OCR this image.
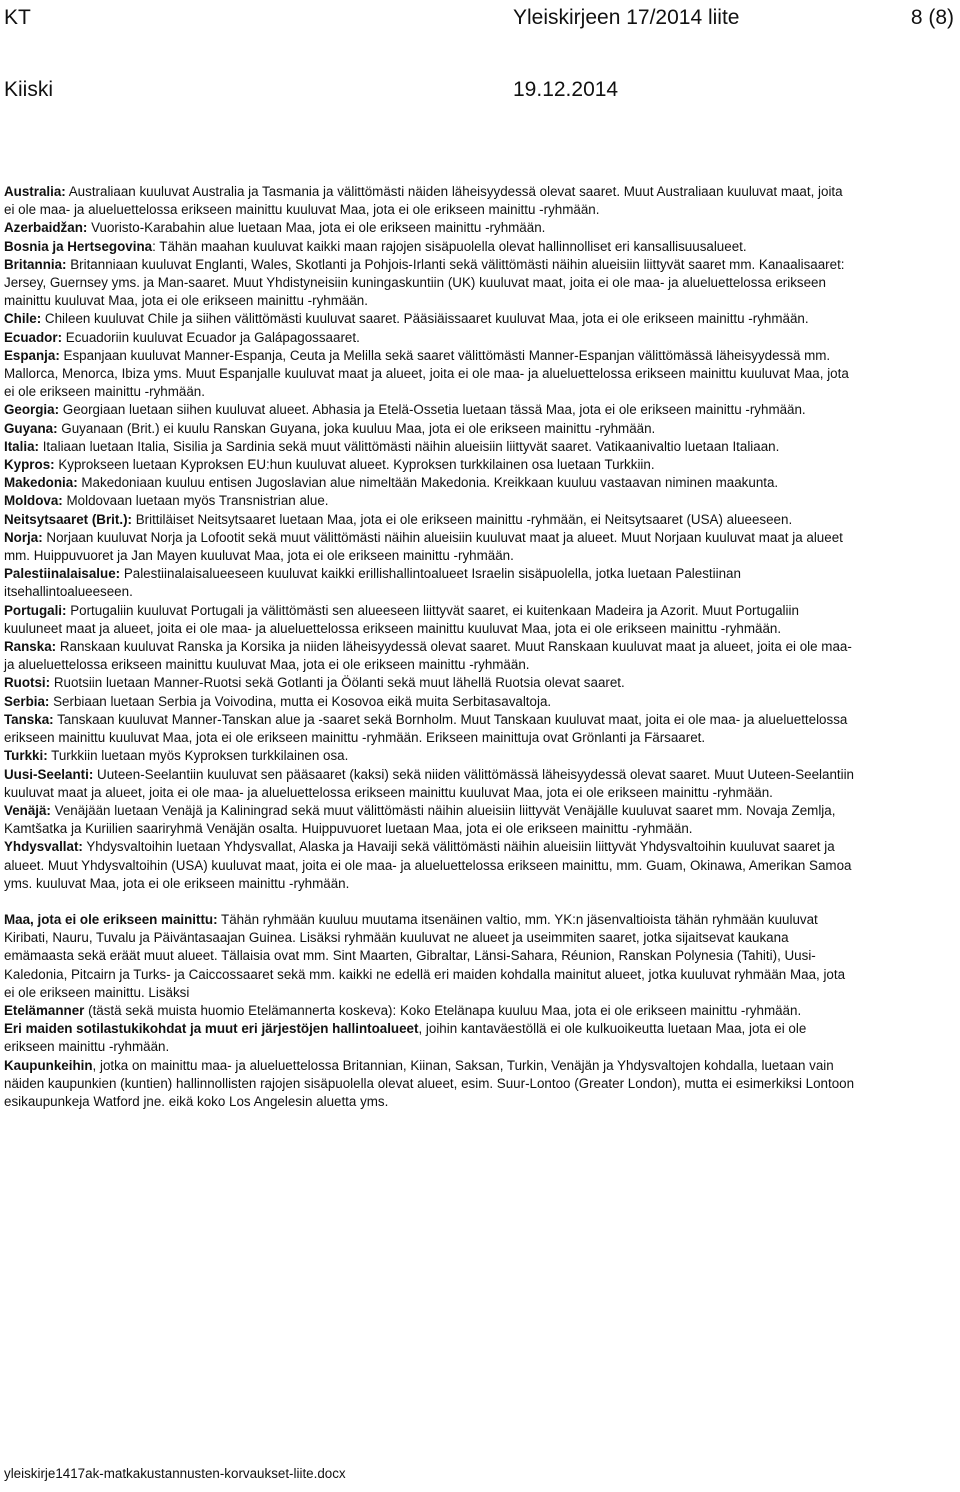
KT	Yleiskirjeen 17/2014 liite	8 (8)
Kiiski	19.12.2014

Australia: Australiaan kuuluvat Australia ja Tasmania ja välittömästi näiden läheisyydessä olevat saaret. Muut Australiaan kuuluvat maat, joita ei ole maa- ja alueluettelossa erikseen mainittu kuuluvat Maa, jota ei ole erikseen mainittu -ryhmään.

Azerbaidžan: Vuoristo-Karabahin alue luetaan Maa, jota ei ole erikseen mainittu -ryhmään.

Bosnia ja Hertsegovina: Tähän maahan kuuluvat kaikki maan rajojen sisäpuolella olevat hallinnolliset eri kansallisuusalueet.

Britannia: Britanniaan kuuluvat Englanti, Wales, Skotlanti ja Pohjois-Irlanti sekä välittömästi näihin alueisiin liittyvät saaret mm. Kanaalisaaret: Jersey, Guernsey yms. ja Man-saaret. Muut Yhdistyneisiin kuningaskuntiin (UK) kuuluvat maat, joita ei ole maa- ja alueluettelossa erikseen mainittu kuuluvat Maa, jota ei ole erikseen mainittu -ryhmään.

Chile: Chileen kuuluvat Chile ja siihen välittömästi kuuluvat saaret. Pääsiäissaaret kuuluvat Maa, jota ei ole erikseen mainittu -ryhmään.

Ecuador: Ecuadoriin kuuluvat Ecuador ja Galápagossaaret.

Espanja: Espanjaan kuuluvat Manner-Espanja, Ceuta ja Melilla sekä saaret välittömästi Manner-Espanjan välittömässä läheisyydessä mm. Mallorca, Menorca, Ibiza yms. Muut Espanjalle kuuluvat maat ja alueet, joita ei ole maa- ja alueluettelossa erikseen mainittu kuuluvat Maa, jota ei ole erikseen mainittu -ryhmään.

Georgia: Georgiaan luetaan siihen kuuluvat alueet. Abhasia ja Etelä-Ossetia luetaan tässä Maa, jota ei ole erikseen mainittu -ryhmään.

Guyana: Guyanaan (Brit.) ei kuulu Ranskan Guyana, joka kuuluu Maa, jota ei ole erikseen mainittu -ryhmään.

Italia: Italiaan luetaan Italia, Sisilia ja Sardinia sekä muut välittömästi näihin alueisiin liittyvät saaret. Vatikaanivaltio luetaan Italiaan.

Kypros: Kyprokseen luetaan Kyproksen EU:hun kuuluvat alueet. Kyproksen turkkilainen osa luetaan Turkkiin.

Makedonia: Makedoniaan kuuluu entisen Jugoslavian alue nimeltään Makedonia. Kreikkaan kuuluu vastaavan niminen maakunta.

Moldova: Moldovaan luetaan myös Transnistrian alue.

Neitsytsaaret (Brit.): Brittiläiset Neitsytsaaret luetaan Maa, jota ei ole erikseen mainittu -ryhmään, ei Neitsytsaaret (USA) alueeseen.

Norja: Norjaan kuuluvat Norja ja Lofootit sekä muut välittömästi näihin alueisiin kuuluvat maat ja alueet. Muut Norjaan kuuluvat maat ja alueet mm. Huippuvuoret ja Jan Mayen kuuluvat Maa, jota ei ole erikseen mainittu -ryhmään.

Palestiinalaisalue: Palestiinalaisalueeseen kuuluvat kaikki erillishallintoalueet Israelin sisäpuolella, jotka luetaan Palestiinan itsehallintoalueeseen.

Portugali: Portugaliin kuuluvat Portugali ja välittömästi sen alueeseen liittyvät saaret, ei kuitenkaan Madeira ja Azorit. Muut Portugaliin kuuluneet maat ja alueet, joita ei ole maa- ja alueluettelossa erikseen mainittu kuuluvat Maa, jota ei ole erikseen mainittu -ryhmään.

Ranska: Ranskaan kuuluvat Ranska ja Korsika ja niiden läheisyydessä olevat saaret. Muut Ranskaan kuuluvat maat ja alueet, joita ei ole maa- ja alueluettelossa erikseen mainittu kuuluvat Maa, jota ei ole erikseen mainittu -ryhmään.

Ruotsi: Ruotsiin luetaan Manner-Ruotsi sekä Gotlanti ja Öölanti sekä muut lähellä Ruotsia olevat saaret.

Serbia: Serbiaan luetaan Serbia ja Voivodina, mutta ei Kosovoa eikä muita Serbitasavaltoja.

Tanska: Tanskaan kuuluvat Manner-Tanskan alue ja -saaret sekä Bornholm. Muut Tanskaan kuuluvat maat, joita ei ole maa- ja alueluettelossa erikseen mainittu kuuluvat Maa, jota ei ole erikseen mainittu -ryhmään. Erikseen mainittuja ovat Grönlanti ja Färsaaret.

Turkki: Turkkiin luetaan myös Kyproksen turkkilainen osa.

Uusi-Seelanti: Uuteen-Seelantiin kuuluvat sen pääsaaret (kaksi) sekä niiden välittömässä läheisyydessä olevat saaret. Muut Uuteen-Seelantiin kuuluvat maat ja alueet, joita ei ole maa- ja alueluettelossa erikseen mainittu kuuluvat Maa, jota ei ole erikseen mainittu -ryhmään.

Venäjä: Venäjään luetaan Venäjä ja Kaliningrad sekä muut välittömästi näihin alueisiin liittyvät Venäjälle kuuluvat saaret mm. Novaja Zemlja, Kamtšatka ja Kuriilien saariryhmä Venäjän osalta. Huippuvuoret luetaan Maa, jota ei ole erikseen mainittu -ryhmään.

Yhdysvallat: Yhdysvaltoihin luetaan Yhdysvallat, Alaska ja Havaiji sekä välittömästi näihin alueisiin liittyvät Yhdysvaltoihin kuuluvat saaret ja alueet. Muut Yhdysvaltoihin (USA) kuuluvat maat, joita ei ole maa- ja alueluettelossa erikseen mainittu, mm. Guam, Okinawa, Amerikan Samoa yms. kuuluvat Maa, jota ei ole erikseen mainittu -ryhmään.

Maa, jota ei ole erikseen mainittu: Tähän ryhmään kuuluu muutama itsenäinen valtio, mm. YK:n jäsenvaltioista tähän ryhmään kuuluvat Kiribati, Nauru, Tuvalu ja Päiväntasaajan Guinea. Lisäksi ryhmään kuuluvat ne alueet ja useimmiten saaret, jotka sijaitsevat kaukana emämaasta sekä eräät muut alueet. Tällaisia ovat mm. Sint Maarten, Gibraltar, Länsi-Sahara, Réunion, Ranskan Polynesia (Tahiti), Uusi-Kaledonia, Pitcairn ja Turks- ja Caiccossaaret sekä mm. kaikki ne edellä eri maiden kohdalla mainitut alueet, jotka kuuluvat ryhmään Maa, jota ei ole erikseen mainittu. Lisäksi

Etelämanner (tästä sekä muista huomio Etelämannerta koskeva): Koko Etelänapa kuuluu Maa, jota ei ole erikseen mainittu -ryhmään.

Eri maiden sotilastukikohdat ja muut eri järjestöjen hallintoalueet, joihin kantaväestöllä ei ole kulkuoikeutta luetaan Maa, jota ei ole erikseen mainittu -ryhmään.

Kaupunkeihin, jotka on mainittu maa- ja alueluettelossa Britannian, Kiinan, Saksan, Turkin, Venäjän ja Yhdysvaltojen kohdalla, luetaan vain näiden kaupunkien (kuntien) hallinnollisten rajojen sisäpuolella olevat alueet, esim. Suur-Lontoo (Greater London), mutta ei esimerkiksi Lontoon esikaupunkeja Watford jne. eikä koko Los Angelesin aluetta yms.

yleiskirje1417ak-matkakustannusten-korvaukset-liite.docx
